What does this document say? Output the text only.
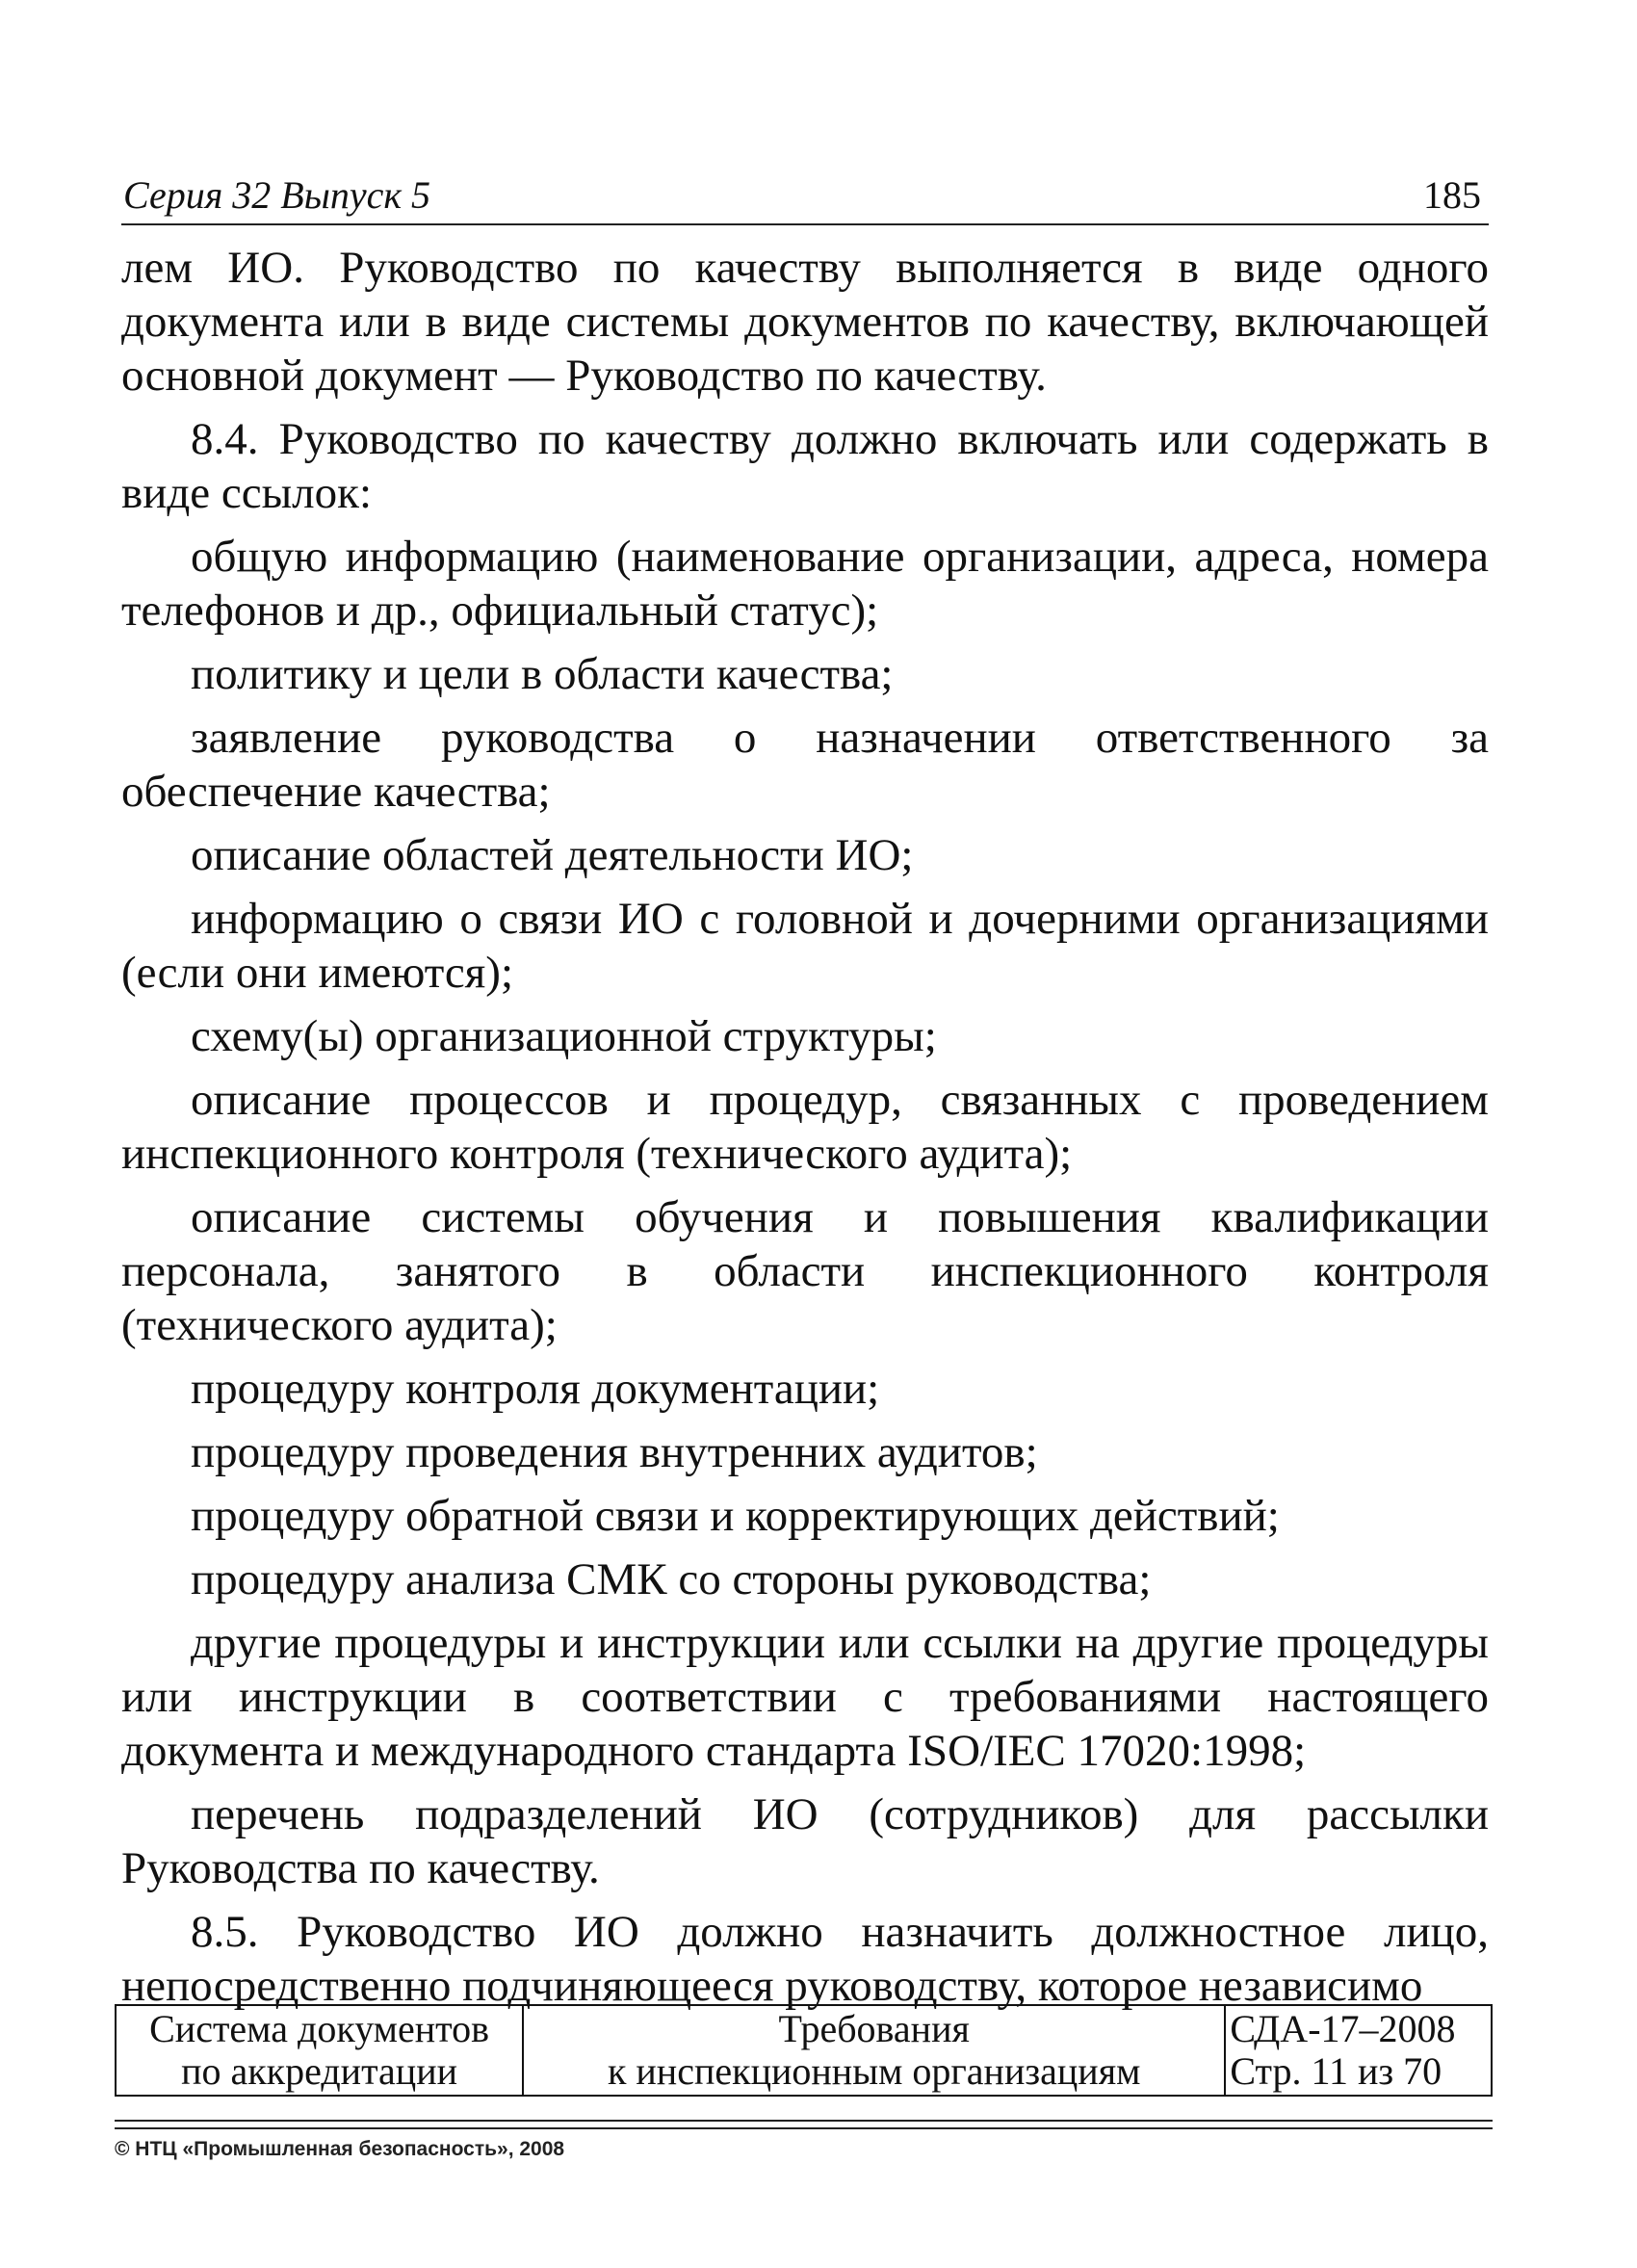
Серия 32 Выпуск 5	185

лем ИО. Руководство по качеству выполняется в виде одного документа или в виде системы документов по качеству, включающей основной документ — Руководство по качеству.

8.4. Руководство по качеству должно включать или содержать в виде ссылок:

общую информацию (наименование организации, адреса, номера телефонов и др., официальный статус);

политику и цели в области качества;

заявление руководства о назначении ответственного за обеспечение качества;

описание областей деятельности ИО;

информацию о связи ИО с головной и дочерними организациями (если они имеются);

схему(ы) организационной структуры;

описание процессов и процедур, связанных с проведением инспекционного контроля (технического аудита);

описание системы обучения и повышения квалификации персонала, занятого в области инспекционного контроля (технического аудита);

процедуру контроля документации;

процедуру проведения внутренних аудитов;

процедуру обратной связи и корректирующих действий;

процедуру анализа СМК со стороны руководства;

другие процедуры и инструкции или ссылки на другие процедуры или инструкции в соответствии с требованиями настоящего документа и международного стандарта ISO/IEC 17020:1998;

перечень подразделений ИО (сотрудников) для рассылки Руководства по качеству.

8.5. Руководство ИО должно назначить должностное лицо, непосредственно подчиняющееся руководству, которое независимо

Система документов
по аккредитации

Требования
к инспекционным организациям

СДА-17–2008
Стр. 11 из 70
© НТЦ «Промышленная безопасность», 2008
